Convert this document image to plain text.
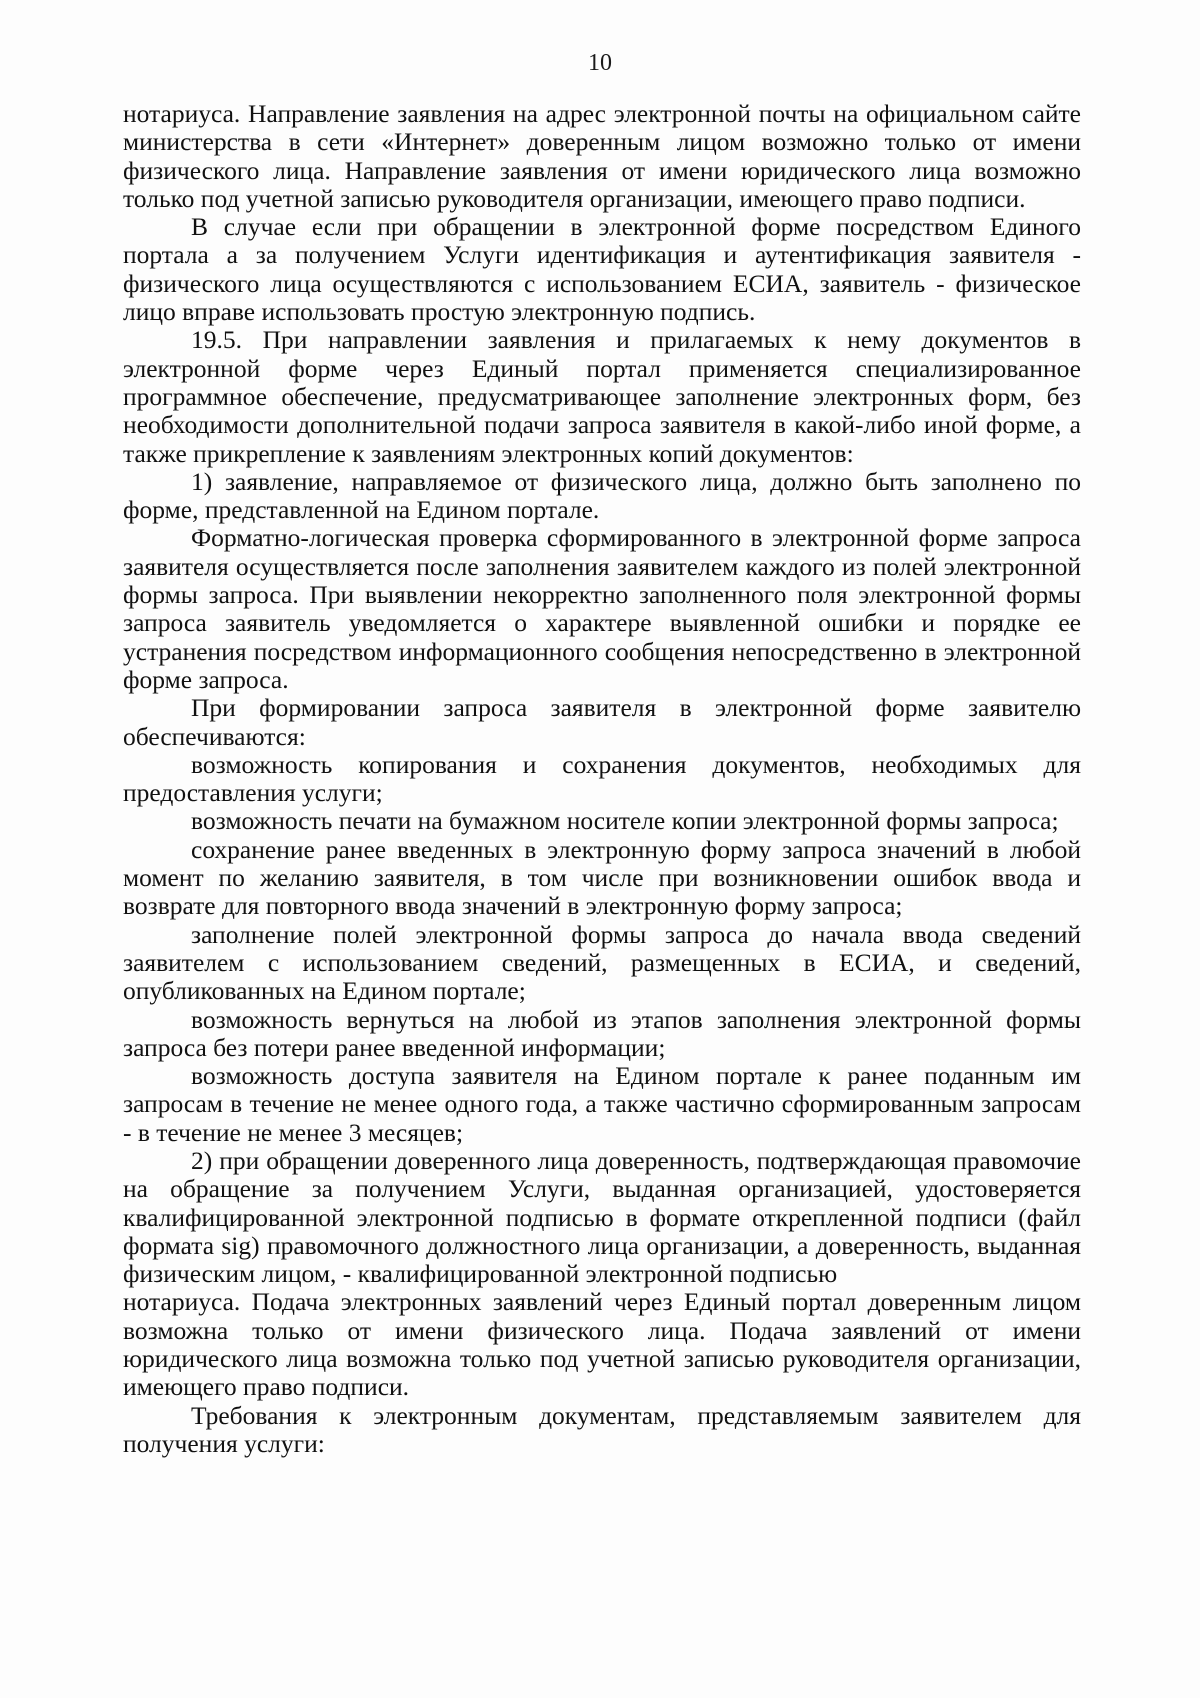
10

нотариуса. Направление заявления на адрес электронной почты на официальном сайте министерства в сети «Интернет» доверенным лицом возможно только от имени физического лица. Направление заявления от имени юридического лица возможно только под учетной записью руководителя организации, имеющего право подписи.

В случае если при обращении в электронной форме посредством Единого портала а за получением Услуги идентификация и аутентификация заявителя - физического лица осуществляются с использованием ЕСИА, заявитель - физическое лицо вправе использовать простую электронную подпись.

19.5. При направлении заявления и прилагаемых к нему документов в электронной форме через Единый портал применяется специализированное программное обеспечение, предусматривающее заполнение электронных форм, без необходимости дополнительной подачи запроса заявителя в какой-либо иной форме, а также прикрепление к заявлениям электронных копий документов:

1) заявление, направляемое от физического лица, должно быть заполнено по форме, представленной на Едином портале.

Форматно-логическая проверка сформированного в электронной форме запроса заявителя осуществляется после заполнения заявителем каждого из полей электронной формы запроса. При выявлении некорректно заполненного поля электронной формы запроса заявитель уведомляется о характере выявленной ошибки и порядке ее устранения посредством информационного сообщения непосредственно в электронной форме запроса.

При формировании запроса заявителя в электронной форме заявителю обеспечиваются:

возможность копирования и сохранения документов, необходимых для предоставления услуги;

возможность печати на бумажном носителе копии электронной формы запроса;

сохранение ранее введенных в электронную форму запроса значений в любой момент по желанию заявителя, в том числе при возникновении ошибок ввода и возврате для повторного ввода значений в электронную форму запроса;

заполнение полей электронной формы запроса до начала ввода сведений заявителем с использованием сведений, размещенных в ЕСИА, и сведений, опубликованных на Едином портале;

возможность вернуться на любой из этапов заполнения электронной формы запроса без потери ранее введенной информации;

возможность доступа заявителя на Едином портале к ранее поданным им запросам в течение не менее одного года, а также частично сформированным запросам - в течение не менее 3 месяцев;

2) при обращении доверенного лица доверенность, подтверждающая правомочие на обращение за получением Услуги, выданная организацией, удостоверяется квалифицированной электронной подписью в формате открепленной подписи (файл формата sig) правомочного должностного лица организации, а доверенность, выданная физическим лицом, - квалифицированной электронной подписью

нотариуса. Подача электронных заявлений через Единый портал доверенным лицом возможна только от имени физического лица. Подача заявлений от имени юридического лица возможна только под учетной записью руководителя организации, имеющего право подписи.

Требования к электронным документам, представляемым заявителем для получения услуги:
